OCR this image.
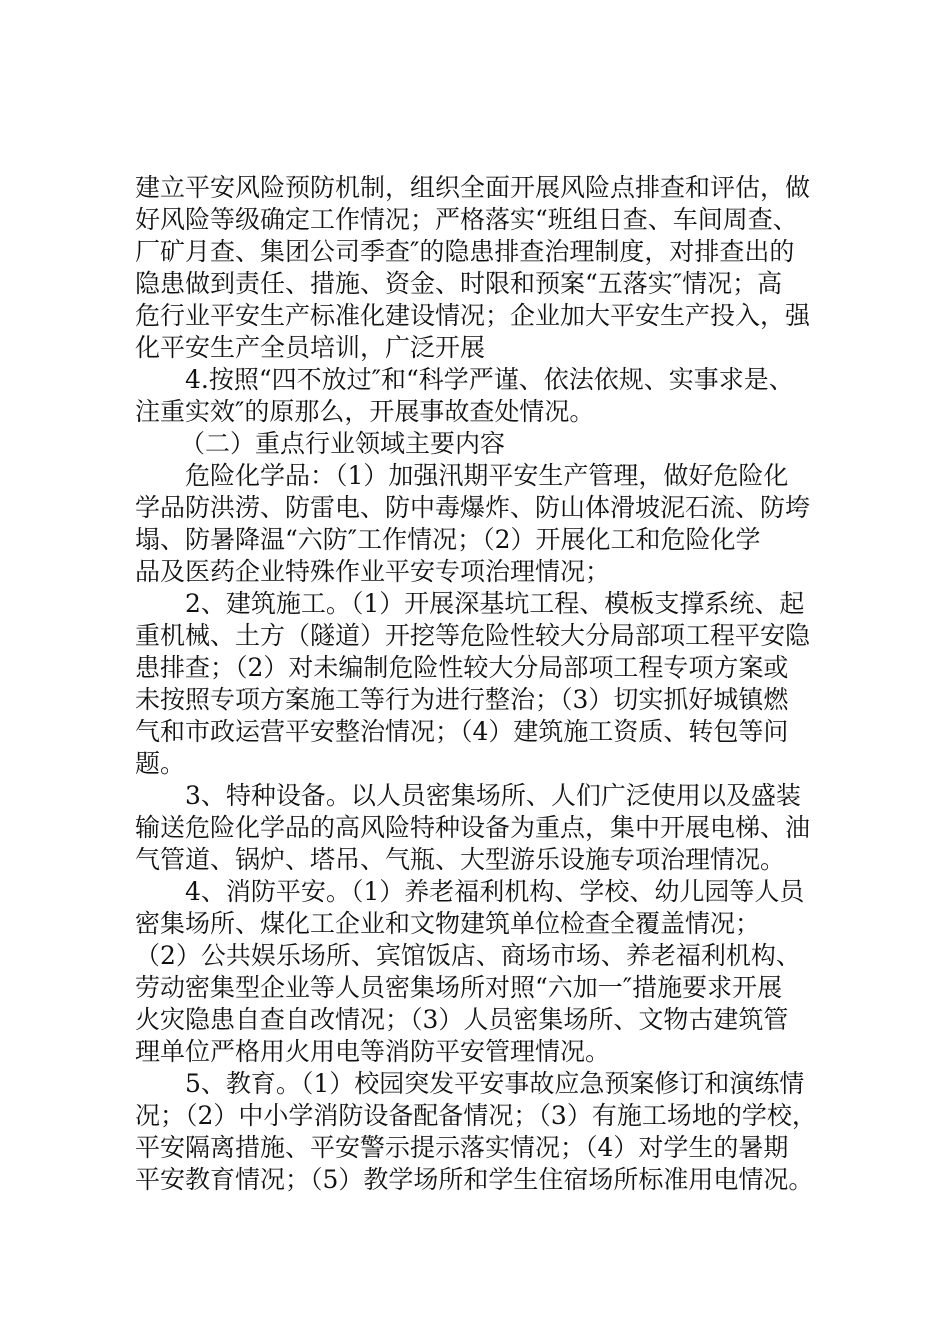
建立平安风险预防机制，组织全面开展风险点排查和评估，做
好风险等级确定工作情况；严格落实“班组日查、车间周查、
厂矿月查、集团公司季查″的隐患排查治理制度，对排查出的
隐患做到责任、措施、资金、时限和预案“五落实″情况；高
危行业平安生产标准化建设情况；企业加大平安生产投入，强
化平安生产全员培训，广泛开展
4.按照“四不放过″和“科学严谨、依法依规、实事求是、
注重实效″的原那么，开展事故查处情况。
（二）重点行业领域主要内容
危险化学品：（1）加强汛期平安生产管理，做好危险化
学品防洪涝、防雷电、防中毒爆炸、防山体滑坡泥石流、防垮
塌、防暑降温“六防″工作情况；（2）开展化工和危险化学
品及医药企业特殊作业平安专项治理情况；
2、建筑施工。（1）开展深基坑工程、模板支撑系统、起
重机械、土方（隧道）开挖等危险性较大分局部项工程平安隐
患排查；（2）对未编制危险性较大分局部项工程专项方案或
未按照专项方案施工等行为进行整治；（3）切实抓好城镇燃
气和市政运营平安整治情况；（4）建筑施工资质、转包等问
题。
3、特种设备。以人员密集场所、人们广泛使用以及盛装
输送危险化学品的高风险特种设备为重点，集中开展电梯、油
气管道、锅炉、塔吊、气瓶、大型游乐设施专项治理情况。
4、消防平安。（1）养老福利机构、学校、幼儿园等人员
密集场所、煤化工企业和文物建筑单位检查全覆盖情况；
（2）公共娱乐场所、宾馆饭店、商场市场、养老福利机构、
劳动密集型企业等人员密集场所对照“六加一″措施要求开展
火灾隐患自查自改情况；（3）人员密集场所、文物古建筑管
理单位严格用火用电等消防平安管理情况。
5、教育。（1）校园突发平安事故应急预案修订和演练情
况；（2）中小学消防设备配备情况；（3）有施工场地的学校，
平安隔离措施、平安警示提示落实情况；（4）对学生的暑期
平安教育情况；（5）教学场所和学生住宿场所标准用电情况。
